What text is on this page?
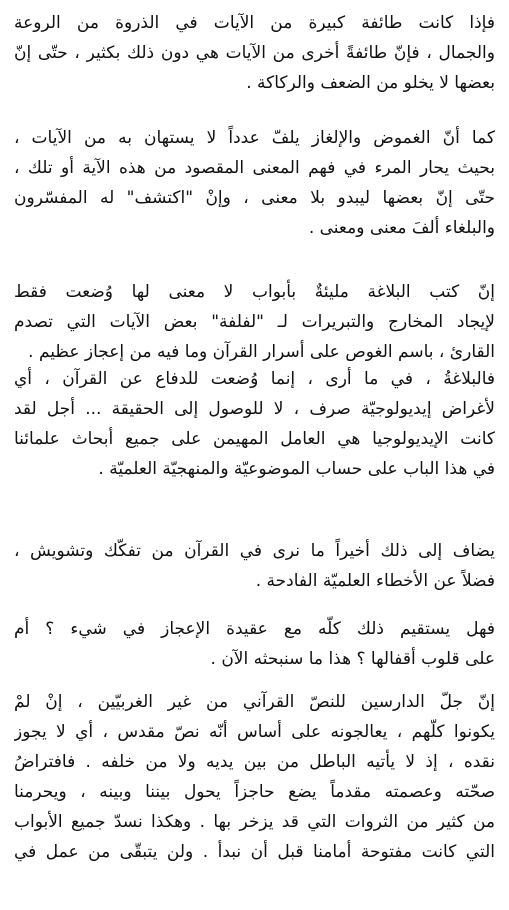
فإذا كانت طائفة كبيرة من الآيات في الذروة من الروعة
والجمال ، فإنّ طائفةً أخرى من الآيات هي دون ذلك بكثير ، حتّى إنّ
بعضها لا يخلو من الضعف والركاكة .
كما أنّ الغموض والإلغاز يلفّ عدداً لا يستهان به من الآيات ،
بحيث يحار المرء في فهم المعنى المقصود من هذه الآية أو تلك ،
حتّى إنّ بعضها ليبدو بلا معنى ، وإنْ "اكتشف" له المفسّرون
والبلغاء ألفَ معنى ومعنى .
إنّ كتب البلاغة مليئةٌ بأبواب لا معنى لها وُضعت فقط
لإيجاد المخارج والتبريرات لـ "لفلفة" بعض الآيات التي تصدم
القارئ ، باسم الغوص على أسرار القرآن وما فيه من إعجاز عظيم .
فالبلاغةُ ، في ما أرى ، إنما وُضعت للدفاع عن القرآن ، أي
لأغراض إيديولوجيّة صرف ، لا للوصول إلى الحقيقة ... أجل لقد
كانت الإيديولوجيا هي العامل المهيمن على جميع أبحاث علمائنا
في هذا الباب على حساب الموضوعيّة والمنهجيّة العلميّة .
يضاف إلى ذلك أخيراً ما نرى في القرآن من تفكّك وتشويش ،
فضلاً عن الأخطاء العلميّة الفادحة .
فهل يستقيم ذلك كلّه مع عقيدة الإعجاز في شيء ؟ أم
على قلوب أقفالها ؟ هذا ما سنبحثه الآن .
إنّ جلّ الدارسين للنصّ القرآني من غير الغربيّين ، إنْ لمْ
يكونوا كلّهم ، يعالجونه على أساس أنّه نصّ مقدس ، أي لا يجوز
نقده ، إذ لا يأتيه الباطل من بين يديه ولا من خلفه . فافتراضُ
صحّته وعصمته مقدماً يضع حاجزاً يحول بيننا وبينه ، ويحرمنا
من كثير من الثروات التي قد يزخر بها . وهكذا نسدّ جميع الأبواب
التي كانت مفتوحة أمامنا قبل أن نبدأ . ولن يتبقّى من عمل في
